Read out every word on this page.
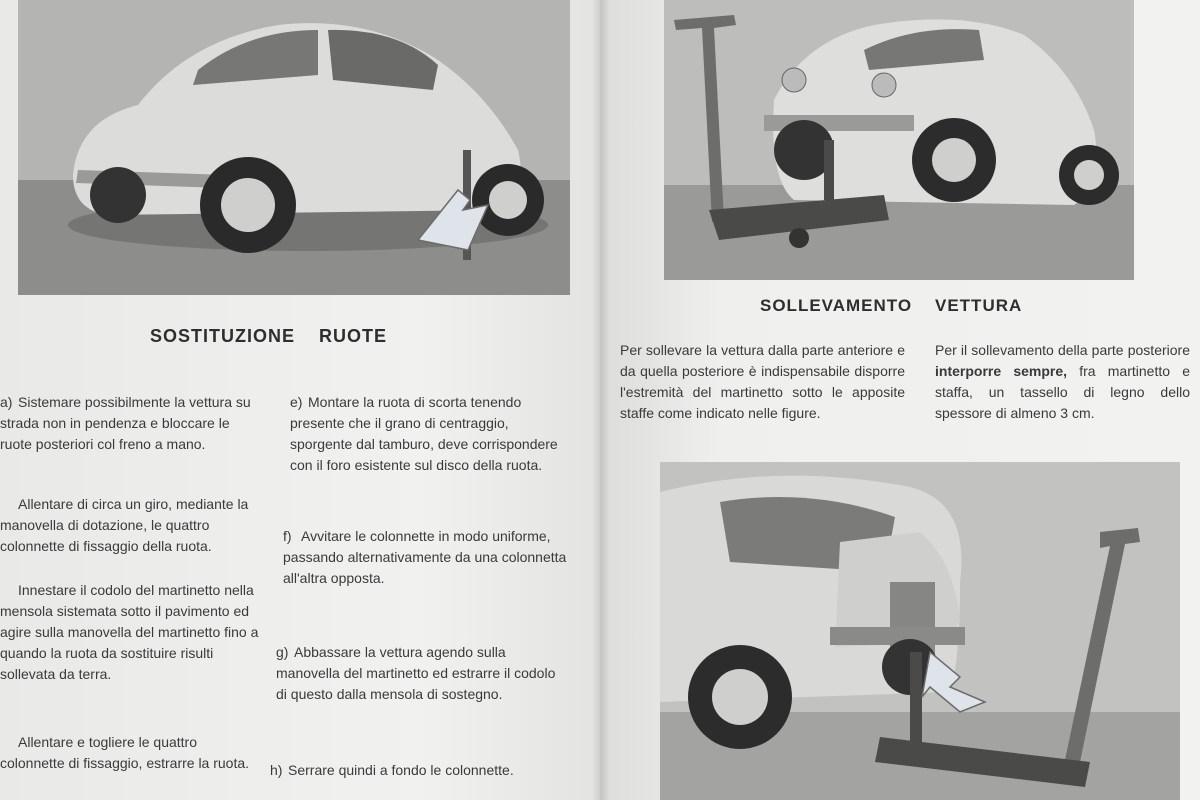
SOSTITUZIONE    RUOTE
a) Sistemare possibilmente la vettura su strada non in pendenza e bloccare le ruote posteriori col freno a mano.
Allentare di circa un giro, mediante la manovella di dotazione, le quattro colonnette di fissaggio della ruota.
Innestare il codolo del martinetto nella mensola sistemata sotto il pavimento ed agire sulla manovella del martinetto fino a quando la ruota da sostituire risulti sollevata da terra.
Allentare e togliere le quattro colonnette di fissaggio, estrarre la ruota.
e) Montare la ruota di scorta tenendo presente che il grano di centraggio, sporgente dal tamburo, deve corrispondere con il foro esistente sul disco della ruota.
f) Avvitare le colonnette in modo uniforme, passando alternativamente da una colonnetta all'altra opposta.
g) Abbassare la vettura agendo sulla manovella del martinetto ed estrarre il codolo di questo dalla mensola di sostegno.
h) Serrare quindi a fondo le colonnette.
SOLLEVAMENTO    VETTURA
Per sollevare la vettura dalla parte anteriore e da quella posteriore è indispensabile disporre l'estremità del martinetto sotto le apposite staffe come indicato nelle figure.
Per il sollevamento della parte posteriore interporre sempre, fra martinetto e staffa, un tassello di legno dello spessore di almeno 3 cm.
